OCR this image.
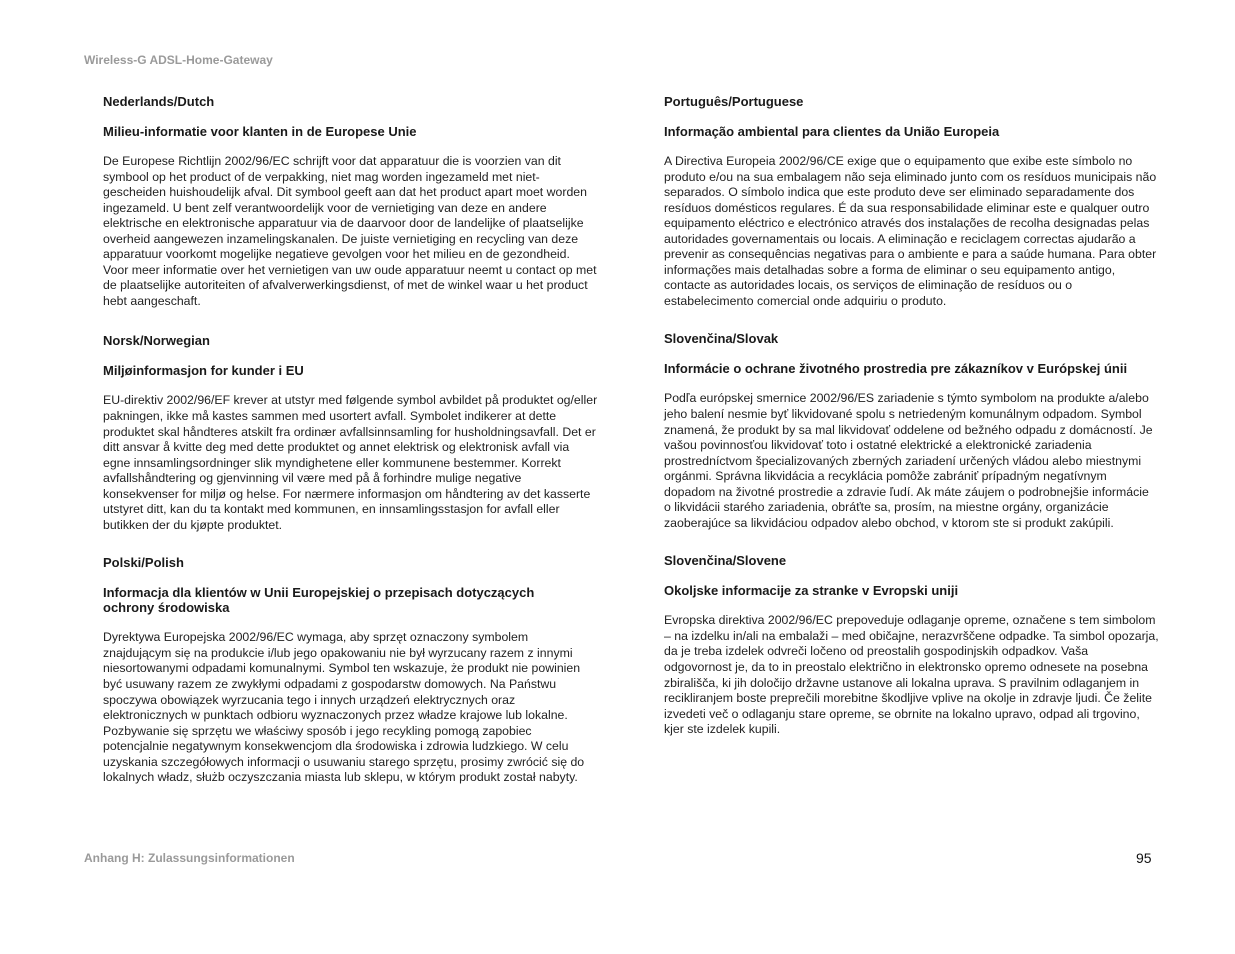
Wireless-G ADSL-Home-Gateway
Nederlands/Dutch
Milieu-informatie voor klanten in de Europese Unie

De Europese Richtlijn 2002/96/EC schrijft voor dat apparatuur die is voorzien van dit symbool op het product of de verpakking, niet mag worden ingezameld met niet-gescheiden huishoudelijk afval. Dit symbool geeft aan dat het product apart moet worden ingezameld. U bent zelf verantwoordelijk voor de vernietiging van deze en andere elektrische en elektronische apparatuur via de daarvoor door de landelijke of plaatselijke overheid aangewezen inzamelingskanalen. De juiste vernietiging en recycling van deze apparatuur voorkomt mogelijke negatieve gevolgen voor het milieu en de gezondheid. Voor meer informatie over het vernietigen van uw oude apparatuur neemt u contact op met de plaatselijke autoriteiten of afvalverwerkingsdienst, of met de winkel waar u het product hebt aangeschaft.

Norsk/Norwegian
Miljøinformasjon for kunder i EU

EU-direktiv 2002/96/EF krever at utstyr med følgende symbol avbildet på produktet og/eller pakningen, ikke må kastes sammen med usortert avfall. Symbolet indikerer at dette produktet skal håndteres atskilt fra ordinær avfallsinnsamling for husholdningsavfall. Det er ditt ansvar å kvitte deg med dette produktet og annet elektrisk og elektronisk avfall via egne innsamlingsordninger slik myndighetene eller kommunene bestemmer. Korrekt avfallshåndtering og gjenvinning vil være med på å forhindre mulige negative konsekvenser for miljø og helse. For nærmere informasjon om håndtering av det kasserte utstyret ditt, kan du ta kontakt med kommunen, en innsamlingsstasjon for avfall eller butikken der du kjøpte produktet.

Polski/Polish
Informacja dla klientów w Unii Europejskiej o przepisach dotyczących ochrony środowiska

Dyrektywa Europejska 2002/96/EC wymaga, aby sprzęt oznaczony symbolem znajdującym się na produkcie i/lub jego opakowaniu nie był wyrzucany razem z innymi niesortowanymi odpadami komunalnymi. Symbol ten wskazuje, że produkt nie powinien być usuwany razem ze zwykłymi odpadami z gospodarstw domowych. Na Państwu spoczywa obowiązek wyrzucania tego i innych urządzeń elektrycznych oraz elektronicznych w punktach odbioru wyznaczonych przez władze krajowe lub lokalne. Pozbywanie się sprzętu we właściwy sposób i jego recykling pomogą zapobiec potencjalnie negatywnym konsekwencjom dla środowiska i zdrowia ludzkiego. W celu uzyskania szczegółowych informacji o usuwaniu starego sprzętu, prosimy zwrócić się do lokalnych władz, służb oczyszczania miasta lub sklepu, w którym produkt został nabyty.

Português/Portuguese
Informação ambiental para clientes da União Europeia

A Directiva Europeia 2002/96/CE exige que o equipamento que exibe este símbolo no produto e/ou na sua embalagem não seja eliminado junto com os resíduos municipais não separados. O símbolo indica que este produto deve ser eliminado separadamente dos resíduos domésticos regulares. É da sua responsabilidade eliminar este e qualquer outro equipamento eléctrico e electrónico através dos instalações de recolha designadas pelas autoridades governamentais ou locais. A eliminação e reciclagem correctas ajudarão a prevenir as consequências negativas para o ambiente e para a saúde humana. Para obter informações mais detalhadas sobre a forma de eliminar o seu equipamento antigo, contacte as autoridades locais, os serviços de eliminação de resíduos ou o estabelecimento comercial onde adquiriu o produto.

Slovenčina/Slovak
Informácie o ochrane životného prostredia pre zákazníkov v Európskej únii

Podľa európskej smernice 2002/96/ES zariadenie s týmto symbolom na produkte a/alebo jeho balení nesmie byť likvidované spolu s netriedeným komunálnym odpadom. Symbol znamená, že produkt by sa mal likvidovať oddelene od bežného odpadu z domácností. Je vašou povinnosťou likvidovať toto i ostatné elektrické a elektronické zariadenia prostredníctvom špecializovaných zberných zariadení určených vládou alebo miestnymi orgánmi. Správna likvidácia a recyklácia pomôže zabrániť prípadným negatívnym dopadom na životné prostredie a zdravie ľudí. Ak máte záujem o podrobnejšie informácie o likvidácii starého zariadenia, obráťte sa, prosím, na miestne orgány, organizácie zaoberajúce sa likvidáciou odpadov alebo obchod, v ktorom ste si produkt zakúpili.

Slovenčina/Slovene
Okoljske informacije za stranke v Evropski uniji

Evropska direktiva 2002/96/EC prepoveduje odlaganje opreme, označene s tem simbolom – na izdelku in/ali na embalaži – med običajne, nerazvrščene odpadke. Ta simbol opozarja, da je treba izdelek odvreči ločeno od preostalih gospodinjskih odpadkov. Vaša odgovornost je, da to in preostalo električno in elektronsko opremo odnesete na posebna zbirališča, ki jih določijo državne ustanove ali lokalna uprava. S pravilnim odlaganjem in recikliranjem boste preprečili morebitne škodljive vplive na okolje in zdravje ljudi. Če želite izvedeti več o odlaganju stare opreme, se obrnite na lokalno upravo, odpad ali trgovino, kjer ste izdelek kupili.

Anhang H: Zulassungsinformationen	95
